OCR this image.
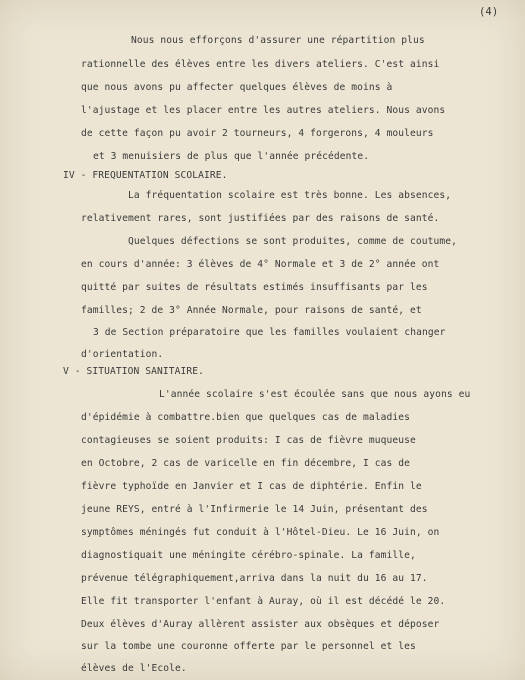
(4)
Nous nous efforçons d'assurer une répartition plus
rationnelle des élèves entre les divers ateliers. C'est ainsi
que nous avons pu affecter quelques élèves de moins à
l'ajustage et les placer entre les autres ateliers. Nous avons
de cette façon pu avoir 2 tourneurs, 4 forgerons, 4 mouleurs
et 3 menuisiers de plus que l'année précédente.
IV - FREQUENTATION SCOLAIRE.
La fréquentation scolaire est très bonne. Les absences,
relativement rares, sont justifiées par des raisons de santé.
Quelques défections se sont produites, comme de coutume,
en cours d'année: 3 élèves de 4° Normale et 3 de 2° année ont
quitté par suites de résultats estimés insuffisants par les
familles; 2 de 3° Année Normale, pour raisons de santé, et
3 de Section préparatoire que les familles voulaient changer
d'orientation.
V - SITUATION SANITAIRE.
L'année scolaire s'est écoulée sans que nous ayons eu
d'épidémie à combattre.bien que quelques cas de maladies
contagieuses se soient produits: I cas de fièvre muqueuse
en Octobre, 2 cas de varicelle en fin décembre, I cas de
fièvre typhoïde en Janvier et I cas de diphtérie. Enfin le
jeune REYS, entré à l'Infirmerie le 14 Juin, présentant des
symptômes méningés fut conduit à l'Hôtel-Dieu. Le 16 Juin, on
diagnostiquait une méningite cérébro-spinale. La famille,
prévenue télégraphiquement,arriva dans la nuit du 16 au 17.
Elle fit transporter l'enfant à Auray, où il est décédé le 20.
Deux élèves d'Auray allèrent assister aux obsèques et déposer
sur la tombe une couronne offerte par le personnel et les
élèves de l'Ecole.
